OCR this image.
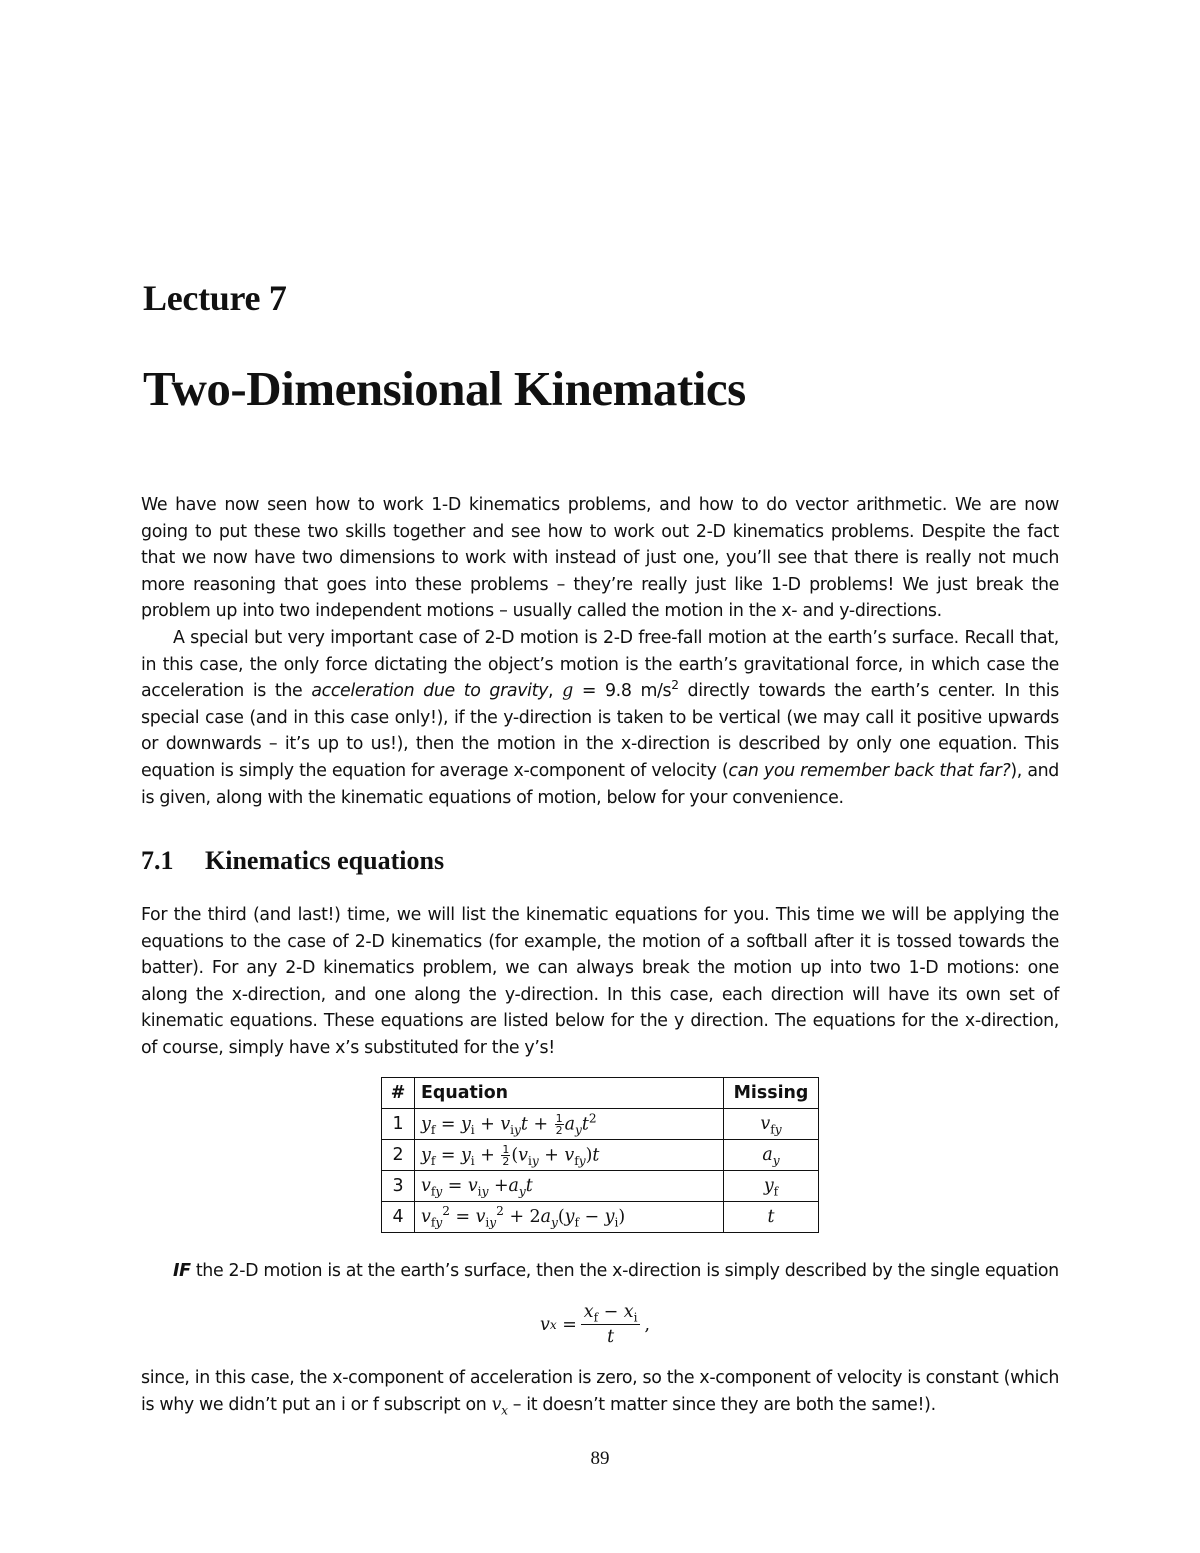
Lecture 7
Two-Dimensional Kinematics

We have now seen how to work 1-D kinematics problems, and how to do vector arithmetic. We are now going to put these two skills together and see how to work out 2-D kinematics problems. Despite the fact that we now have two dimensions to work with instead of just one, you’ll see that there is really not much more reasoning that goes into these problems – they’re really just like 1-D problems! We just break the problem up into two independent motions – usually called the motion in the x- and y-directions.

A special but very important case of 2-D motion is 2-D free-fall motion at the earth’s surface. Recall that, in this case, the only force dictating the object’s motion is the earth’s gravitational force, in which case the acceleration is the acceleration due to gravity, g = 9.8 $m/s^2$ directly towards the earth’s center. In this special case (and in this case only!), if the y-direction is taken to be vertical (we may call it positive upwards or downwards – it’s up to us!), then the motion in the x-direction is described by only one equation. This equation is simply the equation for average x-component of velocity (can you remember back that far?), and is given, along with the kinematic equations of motion, below for your convenience.

7.1 Kinematics equations

For the third (and last!) time, we will list the kinematic equations for you. This time we will be applying the equations to the case of 2-D kinematics (for example, the motion of a softball after it is tossed towards the batter). For any 2-D kinematics problem, we can always break the motion up into two 1-D motions: one along the x-direction, and one along the y-direction. In this case, each direction will have its own set of kinematic equations. These equations are listed below for the y direction. The equations for the x-direction, of course, simply have x’s substituted for the y’s!

#	Equation	Missing
1	$y_f = y_i + v_{iy}t + \frac{1}{2} a_yt^2$	$v_{fy}$
2	$y_f = y_i + \frac{1}{2} (v_{iy} + v_{fy})t$	$a_y$
3	$v_{fy} = v_{iy} +a_yt$	$y_f$
4	$v_{fy}^2 = v_{iy}^2 + 2a_y(y_f - y_i)$	t

IF the 2-D motion is at the earth’s surface, then the x-direction is simply described by the single equation

v x
= $\frac{x_f - x_i}{t}$ ,

since, in this case, the x-component of acceleration is zero, so the x-component of velocity is constant (which is why we didn’t put an i or f subscript on $v_x$ – it doesn’t matter since they are both the same!).

89
